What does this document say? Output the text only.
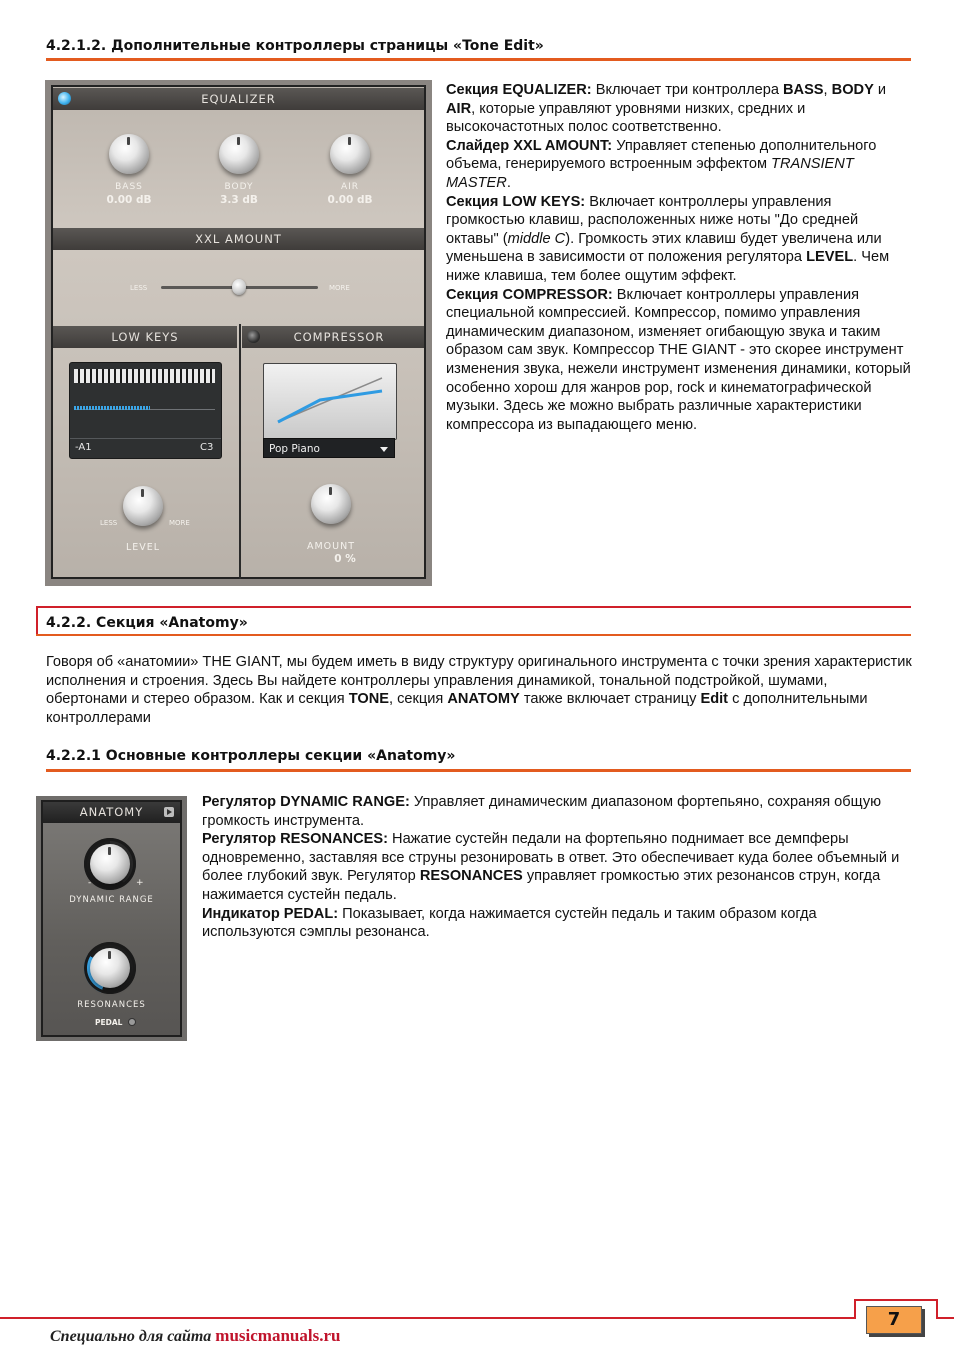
4.2.1.2. Дополнительные контроллеры страницы «Tone Edit»
EQUALIZER
BASS
0.00 dB
BODY
3.3 dB
AIR
0.00 dB
XXL AMOUNT
LESS	MORE
LOW KEYS
-A1	C3
LESS	MORE
LEVEL
COMPRESSOR
Pop Piano
AMOUNT
0 %

Секция EQUALIZER: Включает три контроллера BASS, BODY и AIR, которые управляют уровнями низких, средних и высокочастотных полос соответственно.

Слайдер XXL AMOUNT: Управляет степенью дополнительного объема, генерируемого встроенным эффектом TRANSIENT MASTER.

Секция LOW KEYS: Включает контроллеры управления громкостью клавиш, расположенных ниже ноты "До средней октавы" (middle C). Громкость этих клавиш будет увеличена или уменьшена в зависимости от положения регулятора LEVEL. Чем ниже клавиша, тем более ощутим эффект.

Секция COMPRESSOR: Включает контроллеры управления специальной компрессией. Компрессор, помимо управления динамическим диапазоном, изменяет огибающую звука и таким образом сам звук. Компрессор THE GIANT - это скорее инструмент изменения звука, нежели инструмент изменения динамики, который особенно хорош для жанров pop, rock и кинематографической музыки. Здесь же можно выбрать различные характеристики компрессора из выпадающего меню.

4.2.2. Секция «Anatomy»

Говоря об «анатомии» THE GIANT, мы будем иметь в виду структуру оригинального инструмента с точки зрения характеристик исполнения и строения. Здесь Вы найдете контроллеры управления динамикой, тональной подстройкой, шумами, обертонами и стерео образом. Как и секция TONE, секция ANATOMY также включает страницу Edit с дополнительными контроллерами

4.2.2.1 Основные контроллеры секции «Anatomy»
ANATOMY
-	+
DYNAMIC RANGE
RESONANCES
PEDAL

Регулятор DYNAMIC RANGE: Управляет динамическим диапазоном фортепьяно, сохраняя общую громкость инструмента.

Регулятор RESONANCES: Нажатие сустейн педали на фортепьяно поднимает все демпферы одновременно, заставляя все струны резонировать в ответ. Это обеспечивает куда более объемный и более глубокий звук. Регулятор RESONANCES управляет громкостью этих резонансов струн, когда нажимается сустейн педаль.

Индикатор PEDAL: Показывает, когда нажимается сустейн педаль и таким образом когда используются сэмплы резонанса.

7
Специально для сайта musicmanuals.ru
